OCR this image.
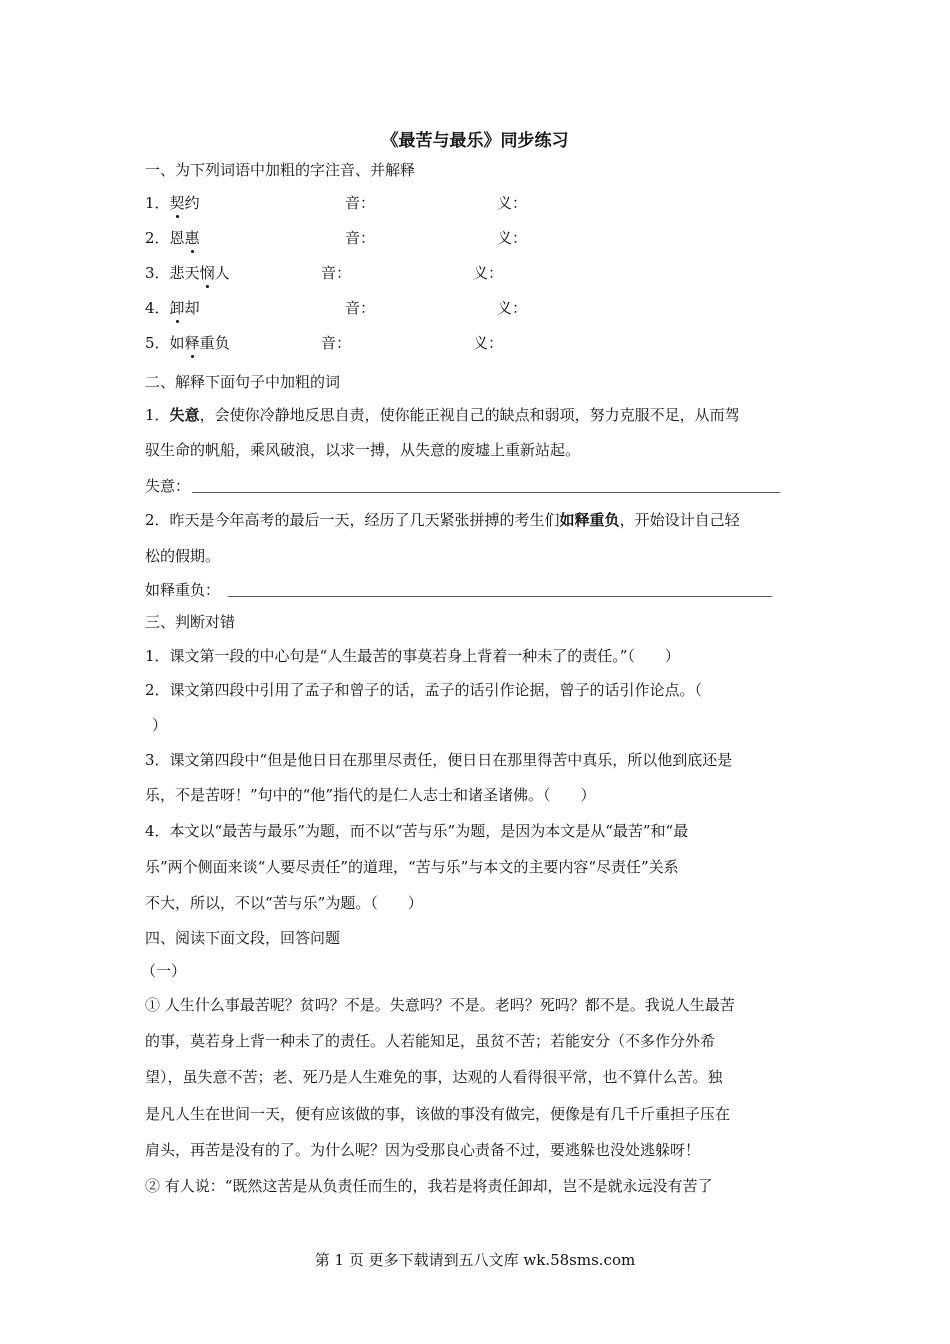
《最苦与最乐》同步练习
一、为下列词语中加粗的字注音、并解释
1．契约	音：	义：
2．恩惠	音：	义：
3．悲天悯人	音：	义：
4．卸却	音：	义：
5．如释重负	音：	义：
二、解释下面句子中加粗的词
1．失意，会使你冷静地反思自责，使你能正视自己的缺点和弱项，努力克服不足，从而驾
驭生命的帆船，乘风破浪，以求一搏，从失意的废墟上重新站起。
失意：
2．昨天是今年高考的最后一天，经历了几天紧张拼搏的考生们如释重负，开始设计自己轻
松的假期。
如释重负：
三、判断对错
1．课文第一段的中心句是“人生最苦的事莫若身上背着一种未了的责任。”（　　）
2．课文第四段中引用了孟子和曾子的话，孟子的话引作论据，曾子的话引作论点。（
）
3．课文第四段中“但是他日日在那里尽责任，便日日在那里得苦中真乐，所以他到底还是
乐，不是苦呀！”句中的“他”指代的是仁人志士和诸圣诸佛。（　　）
4．本文以“最苦与最乐”为题，而不以“苦与乐”为题，是因为本文是从“最苦”和“最
乐”两个侧面来谈“人要尽责任”的道理，“苦与乐”与本文的主要内容“尽责任”关系
不大，所以，不以“苦与乐”为题。（　　）
四、阅读下面文段，回答问题
（一）
① 人生什么事最苦呢？贫吗？不是。失意吗？不是。老吗？死吗？都不是。我说人生最苦
的事，莫若身上背一种未了的责任。人若能知足，虽贫不苦；若能安分（不多作分外希
望），虽失意不苦；老、死乃是人生难免的事，达观的人看得很平常，也不算什么苦。独
是凡人生在世间一天，便有应该做的事，该做的事没有做完，便像是有几千斤重担子压在
肩头，再苦是没有的了。为什么呢？因为受那良心责备不过，要逃躲也没处逃躲呀！
② 有人说：“既然这苦是从负责任而生的，我若是将责任卸却，岂不是就永远没有苦了
第 1 页 更多下载请到五八文库 wk.58sms.com
